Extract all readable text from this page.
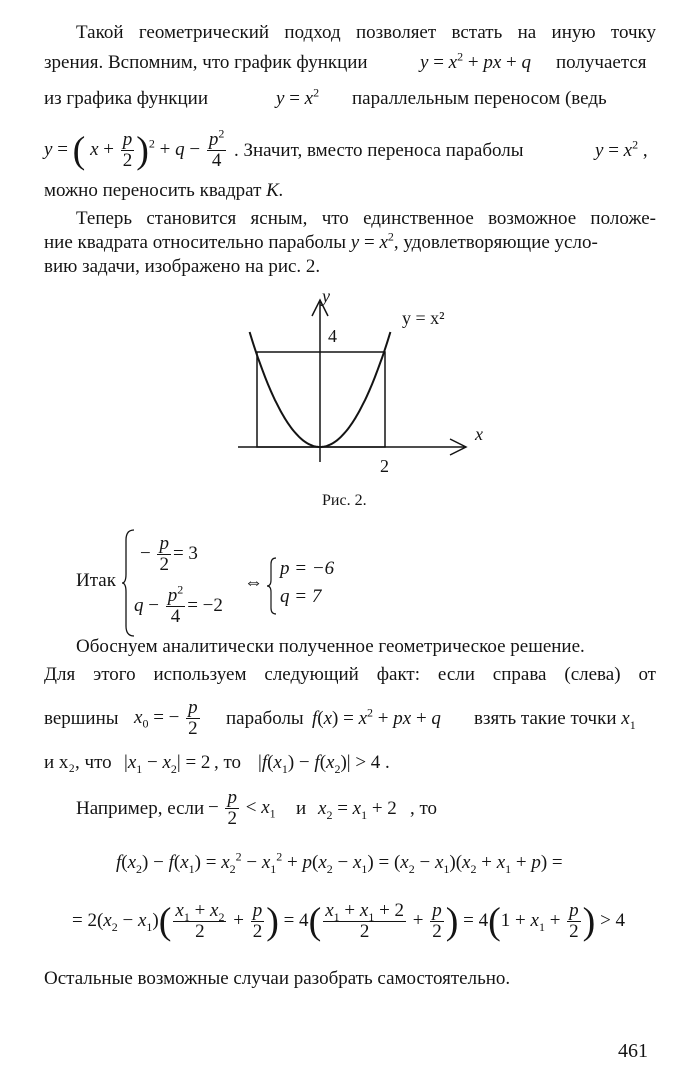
Такой геометрический подход позволяет встать на иную точку
зрения. Вспомним, что график функции	$y = x^2$ + px + q получается
из графика функции	$y = x^2$ параллельным переносом (ведь
y = ( $x + \frac{p}{2} )^2 + q - \frac{p^2}{4}$ . Значит, вместо переноса параболы	$y = x^2$ ,
можно переносить квадрат K.
Теперь становится ясным, что единственное возможное положе-
ние квадрата относительно параболы $y = x^2$, удовлетворяющие усло-
вию задачи, изображено на рис. 2.
y
y = x²
4
x
2
Рис. 2.
Итак
− $\frac{p}{2} = 3$
$q - \frac{p^2}{4} = -2$
⇔
p = −6
q = 7
Обоснуем аналитически полученное геометрическое решение.
Для этого используем следующий факт: если справа (слева) от
вершины $x_0$ = − $\frac{p}{2}$ параболы $f(x) = x^2$ + px + q взять такие точки $x_1$
и x₂, что $|x_1 - x_2| = 2$ , то $|f(x_1) - f(x_2)| > 4$ .
Например, если − $\frac{p}{2} < x_1$ и $x_2 = x_1 + 2$ , то
$f(x_2) - f(x_1) = x_2^2 - x_1^2 + p(x_2 - x_1) = (x_2 - x_1)(x_2 + x_1 + p)$ =
= $2(x_2 - x_1)( \frac{x_1 + x_2}{2} + \frac{p}{2}$ ) = $4( \frac{x_1 + x_1 + 2}{2} + \frac{p}{2}$ ) = $4(1 + x_1 + \frac{p}{2}$ ) > 4
Остальные возможные случаи разобрать самостоятельно.
461
